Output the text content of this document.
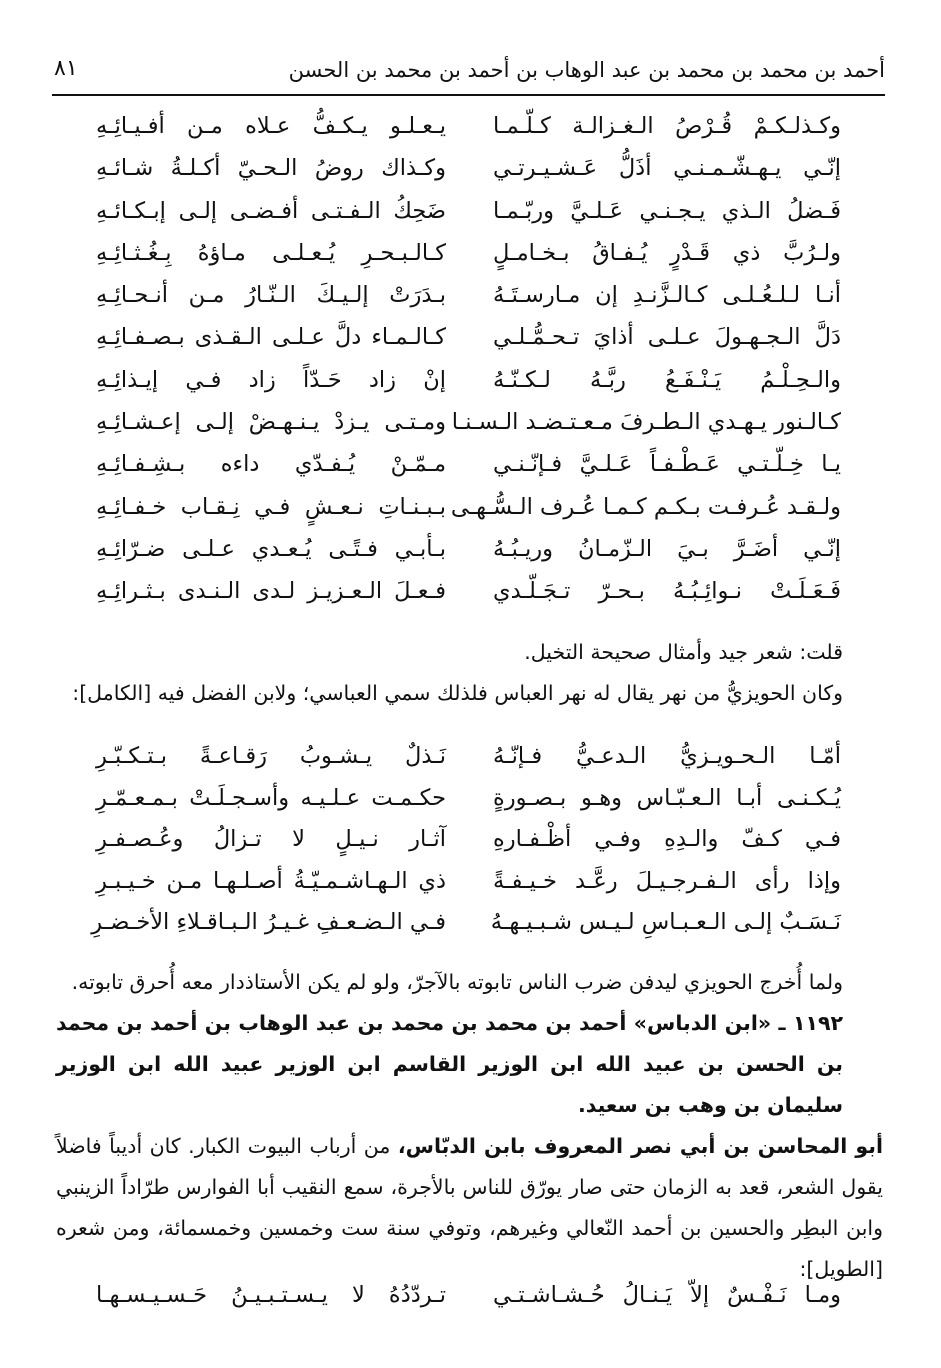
أحمد بن محمد بن محمد بن عبد الوهاب بن أحمد بن محمد بن الحسن
٨١
وكـذلـكـمْ قُـرْصُ الـغـزالـة كـلّـمـا
يـعـلـو يـكـفُّ عـلاه مـن أفـيـائِـهِ
إنّـي يـهـشّـمـنـي أذَلُّ عَـشـيـرتـي
وكـذاك روضُ الـحـيّ أكـلـةُ شـائـهِ
فَـضلُ الـذي يـجـنـي عَـلـيَّ وربّـمـا
ضَحِكُ الـفـتـى أفـضـى إلـى إبـكـائـهِ
ولـرُبَّ ذي قَـدْرٍ يُـفـاقُ بـخـامـلٍ
كـالـبـحـرِ يُـعـلـى مـاؤهُ بِـغُـثـائِـهِ
أنـا لـلـعُـلـى كـالـزَّنـدِ إن مـارسـتَـهُ
بـدَرَتْ إلـيـكَ الـنّـارُ مـن أنـحـائِـهِ
دَلَّ الـجـهـولَ عـلـى أذايَ تـحـمُّـلـي
كـالـمـاء دلَّ عـلـى الـقـذى بـصـفـائِـهِ
والـحِـلْـمُ يَـنْـفَـعُ ربَّـهُ لـكـنّـهُ
إنْ زاد حَـدّاً زاد فـي إيـذائِـهِ
كـالـنور يـهـدي الـطـرفَ مـعـتـضـد الـسـنـا
ومـتـى يـزدْ يـنـهـضْ إلـى إعـشـائِـهِ
يـا خِـلّـتـي عَـطْـفـاً عَـلـيَّ فـإنّـنـي
مـمّـنْ يُـفـدّي داءه بـشِـفـائِـهِ
ولـقـد عُـرفـت بـكـم كـمـا عُـرف الـسُّـهـى
بـبـنـاتِ نـعـشٍ فـي نِـقـاب خـفـائِـهِ
إنّـي أضَـرَّ بـيَ الـزّمـانُ وريـبُـهُ
بـأبـي فـتًـى يُـعـدي عـلـى ضـرّائِـهِ
فَـعَـلَـتْ نـوائِـبُـهُ بـحـرّ تـجَـلّـدي
فـعـلَ الـعـزيـز لـدى الـنـدى بـثـرائِـهِ

قلت: شعر جيد وأمثال صحيحة التخيل.

وكان الحويزيُّ من نهر يقال له نهر العباس فلذلك سمي العباسي؛ ولابن الفضل فيه [الكامل]:

أمّـا الـحـويـزيُّ الـدعـيُّ فـإنّـهُ
نَـذلٌ يـشـوبُ رَقـاعـةً بـتـكـبّـرِ
يُـكـنـى أبـا الـعـبّـاس وهـو بـصـورةٍ
حكـمـت عـلـيـه وأسـجـلَـتْ بـمـعـمّـرِ
فـي كـفّ والـدِهِ وفـي أظْـفـارهِ
آثـار نـيـلٍ لا تـزالُ وعُـصـفـرِ
وإذا رأى الـفـرجـيـلَ رعَّـد خـيـفـةً
ذي الـهـاشـمـيّـةُ أصـلـهـا مـن خـيـبـرِ
نَـسَـبٌ إلـى الـعـبـاسِ لـيـس شـبـيـهـهُ
فـي الـضـعـفِ غـيـرُ الـبـاقـلاءِ الأخـضـرِ

ولما أُخرج الحويزي ليدفن ضرب الناس تابوته بالآجرّ، ولو لم يكن الأستاذدار معه أُحرق تابوته.

١١٩٢ ـ «ابن الدباس» أحمد بن محمد بن محمد بن عبد الوهاب بن أحمد بن محمد بن الحسن بن عبيد الله ابن الوزير القاسم ابن الوزير عبيد الله ابن الوزير سليمان بن وهب بن سعيد.

أبو المحاسن بن أبي نصر المعروف بابن الدبّاس، من أرباب البيوت الكبار. كان أديباً فاضلاً يقول الشعر، قعد به الزمان حتى صار يورّق للناس بالأجرة، سمع النقيب أبا الفوارس طرّاداً الزينبي وابن البطِر والحسين بن أحمد النّعالي وغيرهم، وتوفي سنة ست وخمسين وخمسمائة، ومن شعره [الطويل]:

ومـا نَـفْـسٌ إلاّ يَـنـالُ حُـشـاشـتـي
تـردّدُهُ لا يـسـتـبـيـنُ حَـسـيـسـهـا
